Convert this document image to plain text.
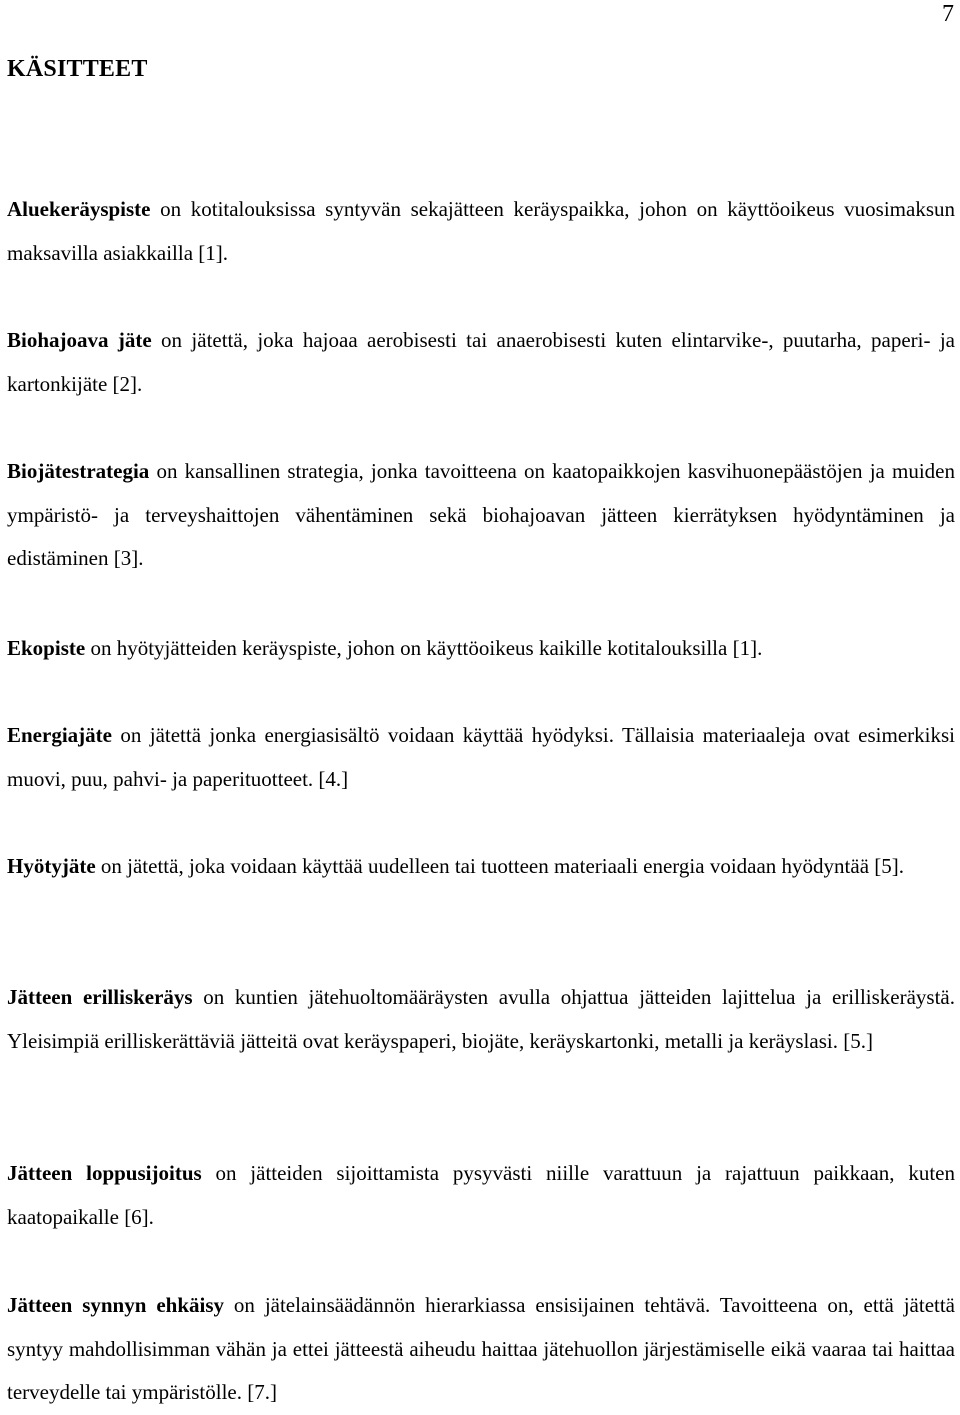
7
KÄSITTEET

Aluekeräyspiste on kotitalouksissa syntyvän sekajätteen keräyspaikka, johon on käyttöoikeus vuosimaksun maksavilla asiakkailla [1].

Biohajoava jäte on jätettä, joka hajoaa aerobisesti tai anaerobisesti kuten elintarvike-, puutarha, paperi- ja kartonkijäte [2].

Biojätestrategia on kansallinen strategia, jonka tavoitteena on kaatopaikkojen kasvihuonepäästöjen ja muiden ympäristö- ja terveyshaittojen vähentäminen sekä biohajoavan jätteen kierrätyksen hyödyntäminen ja edistäminen [3].

Ekopiste on hyötyjätteiden keräyspiste, johon on käyttöoikeus kaikille kotitalouksilla [1].

Energiajäte on jätettä jonka energiasisältö voidaan käyttää hyödyksi. Tällaisia materiaaleja ovat esimerkiksi muovi, puu, pahvi- ja paperituotteet. [4.]

Hyötyjäte on jätettä, joka voidaan käyttää uudelleen tai tuotteen materiaali energia voidaan hyödyntää [5].

Jätteen erilliskeräys on kuntien jätehuoltomääräysten avulla ohjattua jätteiden lajittelua ja erilliskeräystä. Yleisimpiä erilliskerättäviä jätteitä ovat keräyspaperi, biojäte, keräyskartonki, metalli ja keräyslasi. [5.]

Jätteen loppusijoitus on jätteiden sijoittamista pysyvästi niille varattuun ja rajattuun paikkaan, kuten kaatopaikalle [6].

Jätteen synnyn ehkäisy on jätelainsäädännön hierarkiassa ensisijainen tehtävä. Tavoitteena on, että jätettä syntyy mahdollisimman vähän ja ettei jätteestä aiheudu haittaa jätehuollon järjestämiselle eikä vaaraa tai haittaa terveydelle tai ympäristölle. [7.]
